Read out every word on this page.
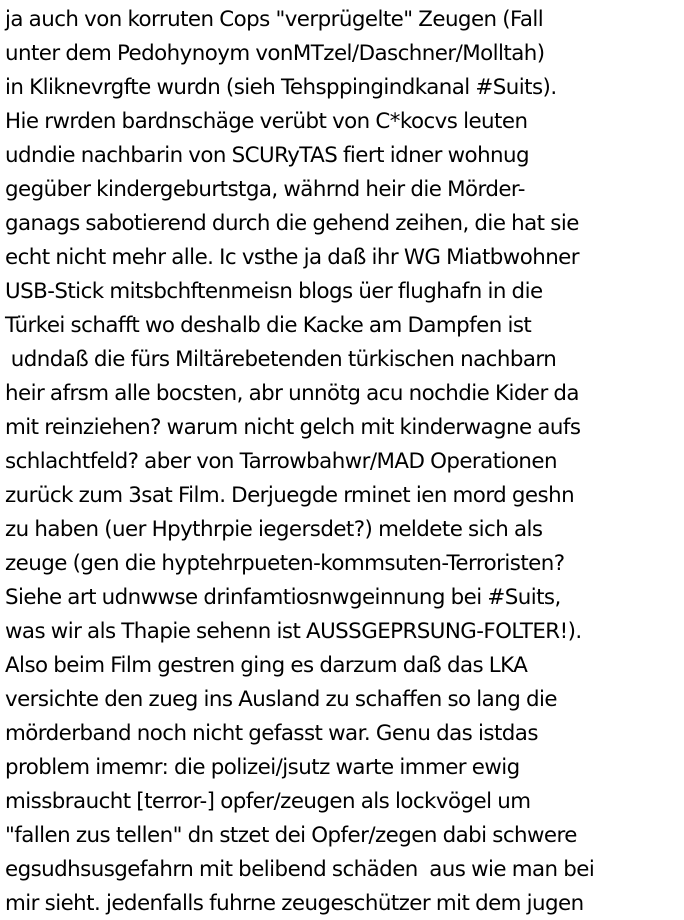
ja auch von korruten Cops "verprügelte" Zeugen (Fall
unter dem Pedohynoym vonMTzel/Daschner/Molltah)
in Kliknevrgfte wurdn (sieh Tehsppingindkanal #Suits).
Hie rwrden bardnschäge verübt von C*kocvs leuten
udndie nachbarin von SCURyTAS fiert idner wohnug
gegüber kindergeburtstga, währnd heir die Mörder-
ganags sabotierend durch die gehend zeihen, die hat sie
echt nicht mehr alle. Ic vsthe ja daß ihr WG Miatbwohner
USB-Stick mitsbchftenmeisn blogs üer flughafn in die
Türkei schafft wo deshalb die Kacke am Dampfen ist
udndaß die fürs Miltärebetenden türkischen nachbarn
heir afrsm alle bocsten, abr unnötg acu nochdie Kider da
mit reinziehen? warum nicht gelch mit kinderwagne aufs
schlachtfeld? aber von Tarrowbahwr/MAD Operationen
zurück zum 3sat Film. Derjuegde rminet ien mord geshn
zu haben (uer Hpythrpie iegersdet?) meldete sich als
zeuge (gen die hyptehrpueten-kommsuten-Terroristen?
Siehe art udnwwse drinfamtiosnwgeinnung bei #Suits,
was wir als Thapie sehenn ist AUSSGEPRSUNG-FOLTER!).
Also beim Film gestren ging es darzum daß das LKA
versichte den zueg ins Ausland zu schaffen so lang die
mörderband noch nicht gefasst war. Genu das istdas
problem imemr: die polizei/jsutz warte immer ewig
missbraucht [terror-] opfer/zeugen als lockvögel um
"fallen zus tellen" dn stzet dei Opfer/zegen dabi schwere
egsudhsusgefahrn mit belibend schäden  aus wie man bei
mir sieht. jedenfalls fuhrne zeugeschützer mit dem jugen
